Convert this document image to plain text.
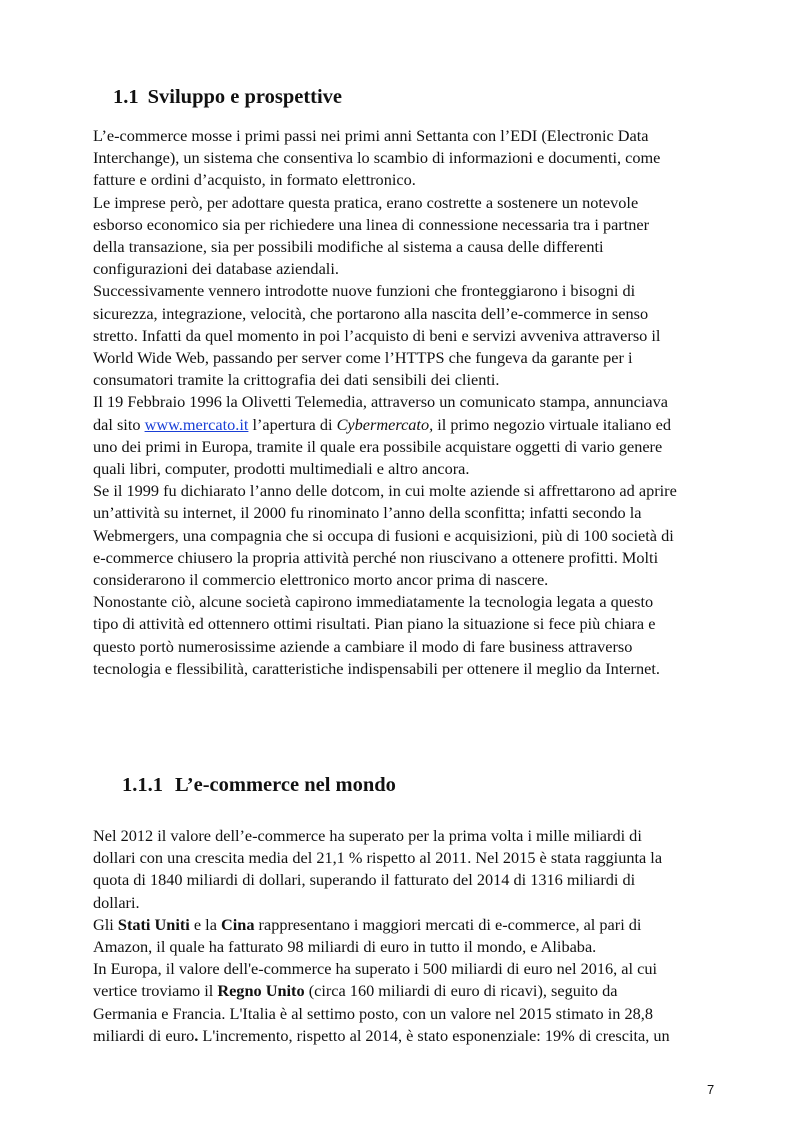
1.1 Sviluppo e prospettive
L’e-commerce mosse i primi passi nei primi anni Settanta con l’EDI (Electronic Data
Interchange), un sistema che consentiva lo scambio di informazioni e documenti, come
fatture e ordini d’acquisto, in formato elettronico.
Le imprese però, per adottare questa pratica, erano costrette a sostenere un notevole
esborso economico sia per richiedere una linea di connessione necessaria tra i partner
della transazione, sia per possibili modifiche al sistema a causa delle differenti
configurazioni dei database aziendali.
Successivamente vennero introdotte nuove funzioni che fronteggiarono i bisogni di
sicurezza, integrazione, velocità, che portarono alla nascita dell’e-commerce in senso
stretto. Infatti da quel momento in poi l’acquisto di beni e servizi avveniva attraverso il
World Wide Web, passando per server come l’HTTPS che fungeva da garante per i
consumatori tramite la crittografia dei dati sensibili dei clienti.
Il 19 Febbraio 1996 la Olivetti Telemedia, attraverso un comunicato stampa, annunciava
dal sito www.mercato.it l’apertura di Cybermercato, il primo negozio virtuale italiano ed
uno dei primi in Europa, tramite il quale era possibile acquistare oggetti di vario genere
quali libri, computer, prodotti multimediali e altro ancora.
Se il 1999 fu dichiarato l’anno delle dotcom, in cui molte aziende si affrettarono ad aprire
un’attività su internet, il 2000 fu rinominato l’anno della sconfitta; infatti secondo la
Webmergers, una compagnia che si occupa di fusioni e acquisizioni, più di 100 società di
e-commerce chiusero la propria attività perché non riuscivano a ottenere profitti. Molti
considerarono il commercio elettronico morto ancor prima di nascere.
Nonostante ciò, alcune società capirono immediatamente la tecnologia legata a questo
tipo di attività ed ottennero ottimi risultati. Pian piano la situazione si fece più chiara e
questo portò numerosissime aziende a cambiare il modo di fare business attraverso
tecnologia e flessibilità, caratteristiche indispensabili per ottenere il meglio da Internet.
1.1.1 L’e-commerce nel mondo
Nel 2012 il valore dell’e-commerce ha superato per la prima volta i mille miliardi di
dollari con una crescita media del 21,1 % rispetto al 2011. Nel 2015 è stata raggiunta la
quota di 1840 miliardi di dollari, superando il fatturato del 2014 di 1316 miliardi di
dollari.
Gli Stati Uniti e la Cina rappresentano i maggiori mercati di e-commerce, al pari di
Amazon, il quale ha fatturato 98 miliardi di euro in tutto il mondo, e Alibaba.
In Europa, il valore dell'e-commerce ha superato i 500 miliardi di euro nel 2016, al cui
vertice troviamo il Regno Unito (circa 160 miliardi di euro di ricavi), seguito da
Germania e Francia. L'Italia è al settimo posto, con un valore nel 2015 stimato in 28,8
miliardi di euro. L'incremento, rispetto al 2014, è stato esponenziale: 19% di crescita, un
7
